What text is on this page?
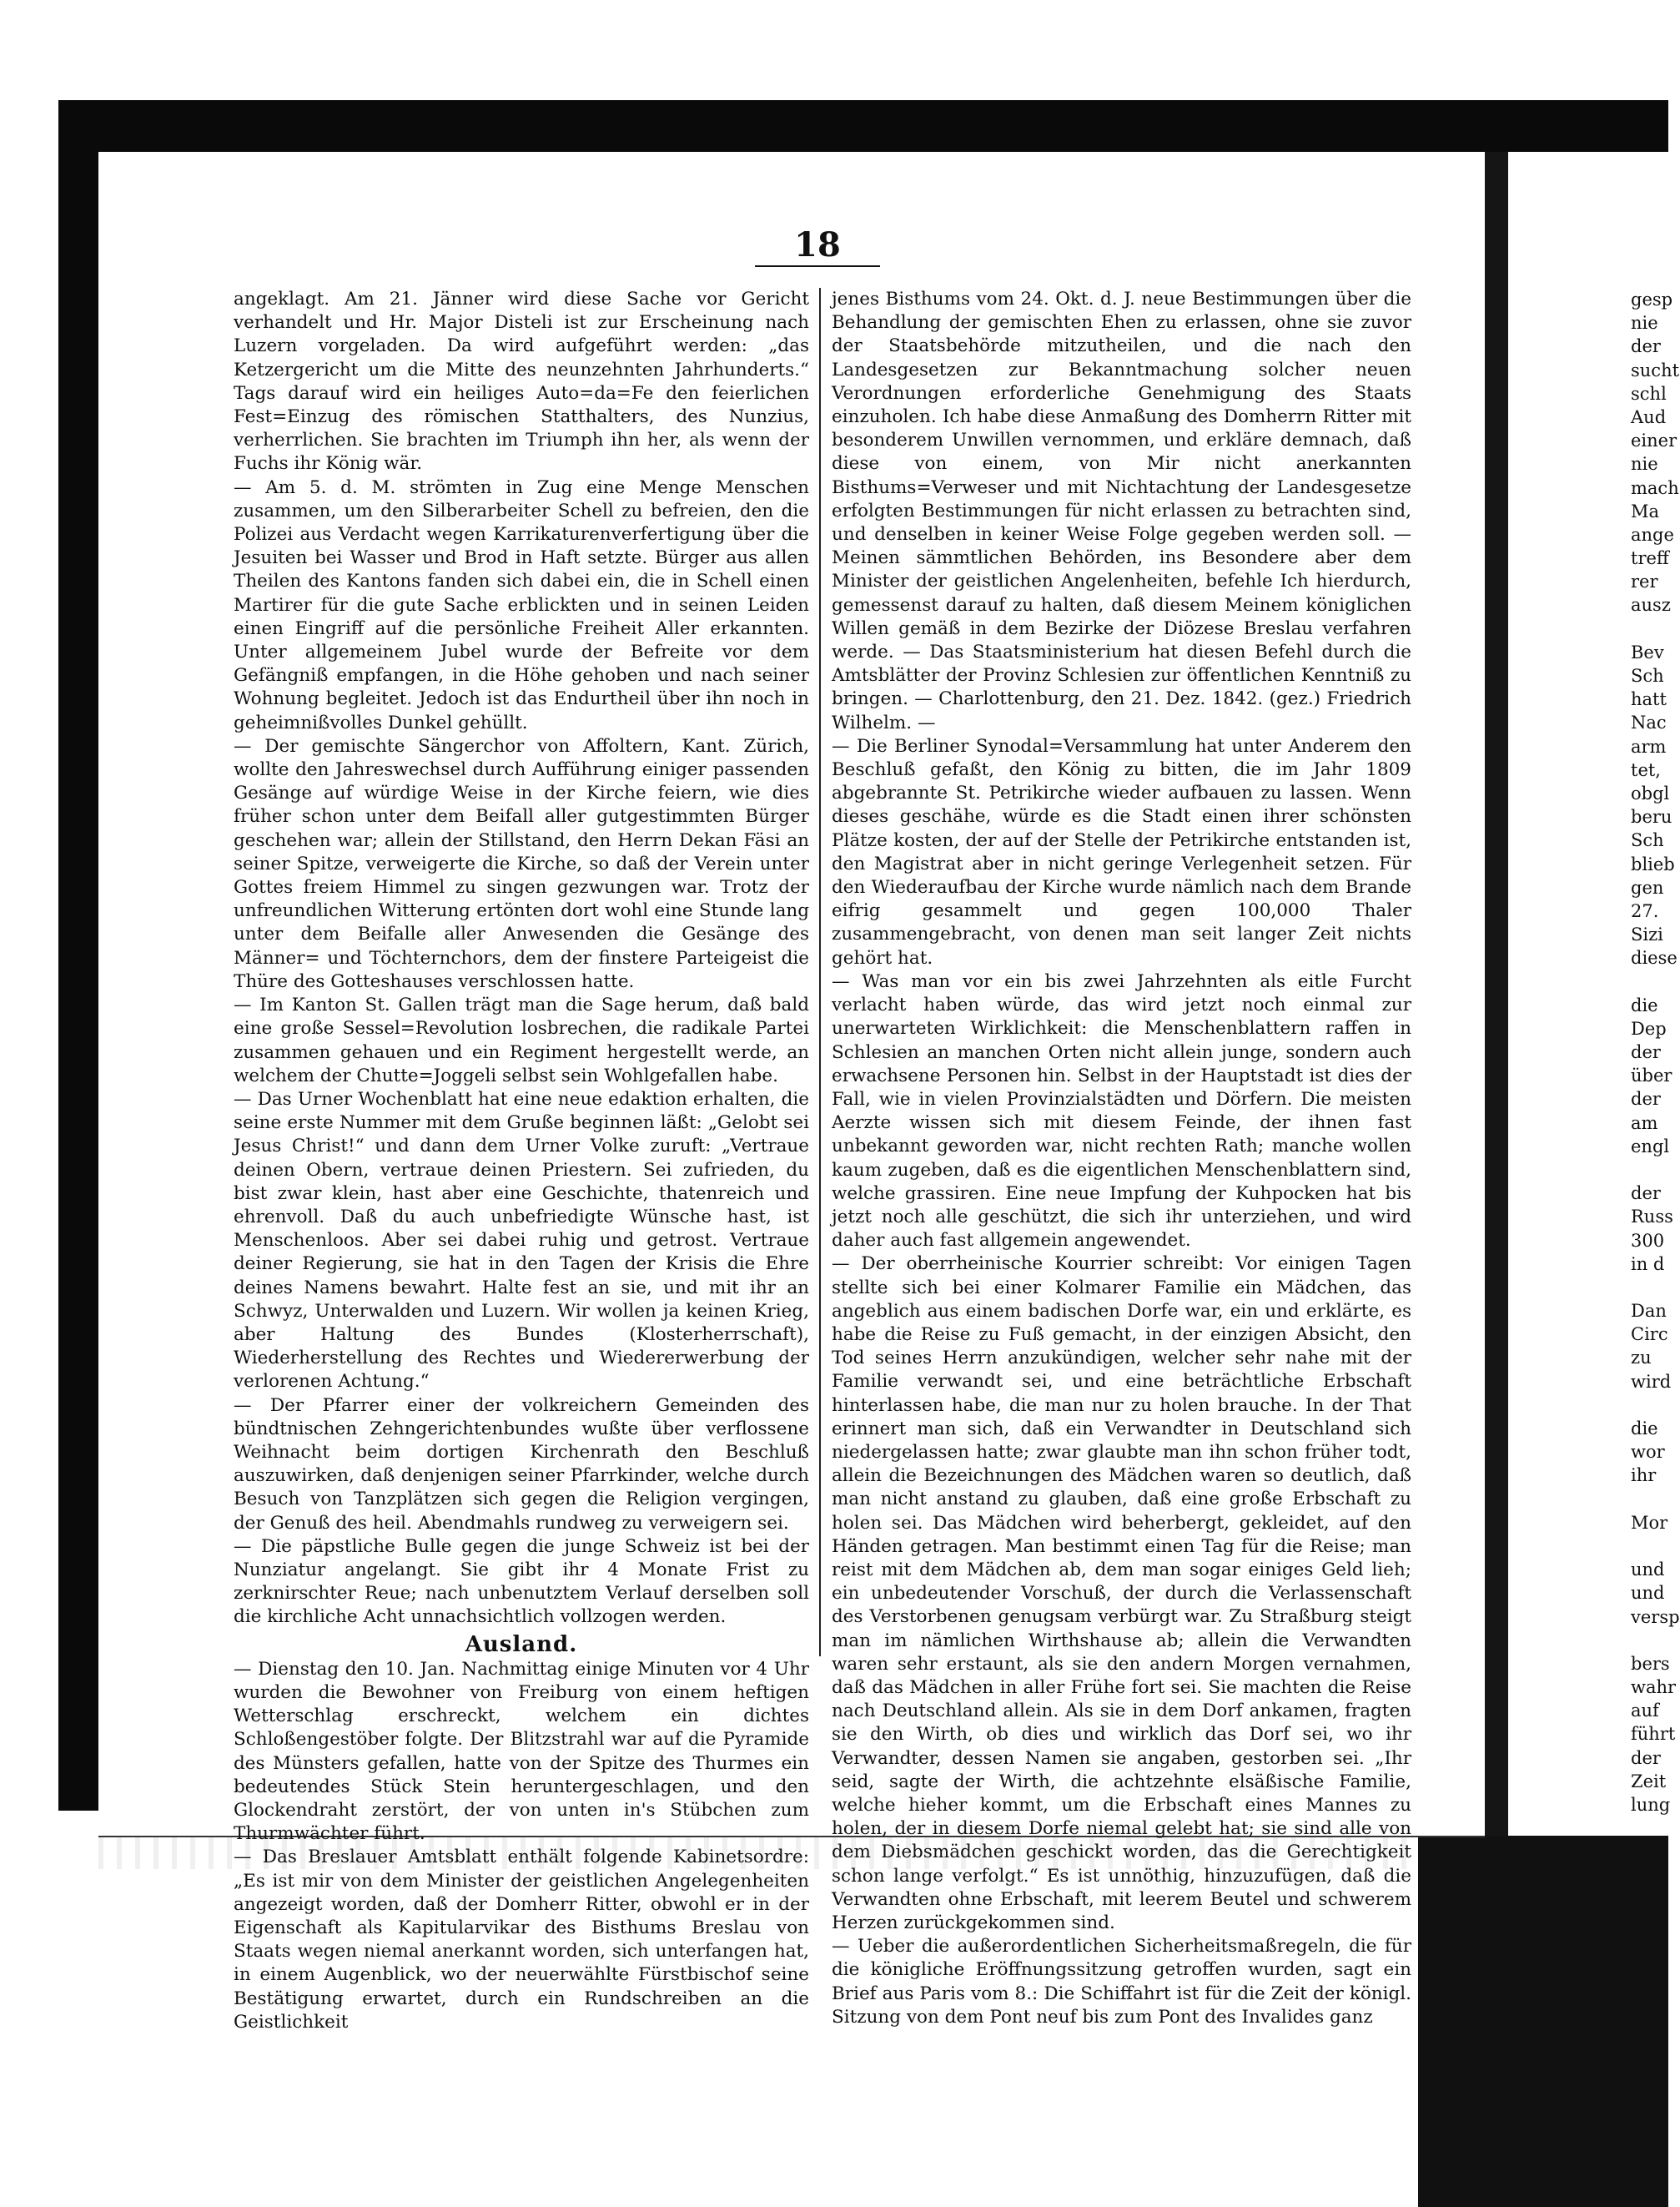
18

angeklagt. Am 21. Jänner wird diese Sache vor Gericht verhandelt und Hr. Major Disteli ist zur Erscheinung nach Luzern vorgeladen. Da wird aufgeführt werden: „das Ketzergericht um die Mitte des neunzehnten Jahrhunderts.“ Tags darauf wird ein heiliges Auto=da=Fe den feierlichen Fest=Einzug des römischen Statthalters, des Nunzius, verherrlichen. Sie brachten im Triumph ihn her, als wenn der Fuchs ihr König wär.

— Am 5. d. M. strömten in Zug eine Menge Menschen zusammen, um den Silberarbeiter Schell zu befreien, den die Polizei aus Verdacht wegen Karrikaturenverfertigung über die Jesuiten bei Wasser und Brod in Haft setzte. Bürger aus allen Theilen des Kantons fanden sich dabei ein, die in Schell einen Martirer für die gute Sache erblickten und in seinen Leiden einen Eingriff auf die persönliche Freiheit Aller erkannten. Unter allgemeinem Jubel wurde der Befreite vor dem Gefängniß empfangen, in die Höhe gehoben und nach seiner Wohnung begleitet. Jedoch ist das Endurtheil über ihn noch in geheimnißvolles Dunkel gehüllt.

— Der gemischte Sängerchor von Affoltern, Kant. Zürich, wollte den Jahreswechsel durch Aufführung einiger passenden Gesänge auf würdige Weise in der Kirche feiern, wie dies früher schon unter dem Beifall aller gutgestimmten Bürger geschehen war; allein der Stillstand, den Herrn Dekan Fäsi an seiner Spitze, verweigerte die Kirche, so daß der Verein unter Gottes freiem Himmel zu singen gezwungen war. Trotz der unfreundlichen Witterung ertönten dort wohl eine Stunde lang unter dem Beifalle aller Anwesenden die Gesänge des Männer= und Töchternchors, dem der finstere Parteigeist die Thüre des Gotteshauses verschlossen hatte.

— Im Kanton St. Gallen trägt man die Sage herum, daß bald eine große Sessel=Revolution losbrechen, die radikale Partei zusammen gehauen und ein Regiment hergestellt werde, an welchem der Chutte=Joggeli selbst sein Wohlgefallen habe.

— Das Urner Wochenblatt hat eine neue edaktion erhalten, die seine erste Nummer mit dem Gruße beginnen läßt: „Gelobt sei Jesus Christ!“ und dann dem Urner Volke zuruft: „Vertraue deinen Obern, vertraue deinen Priestern. Sei zufrieden, du bist zwar klein, hast aber eine Geschichte, thatenreich und ehrenvoll. Daß du auch unbefriedigte Wünsche hast, ist Menschenloos. Aber sei dabei ruhig und getrost. Vertraue deiner Regierung, sie hat in den Tagen der Krisis die Ehre deines Namens bewahrt. Halte fest an sie, und mit ihr an Schwyz, Unterwalden und Luzern. Wir wollen ja keinen Krieg, aber Haltung des Bundes (Klosterherrschaft), Wiederherstellung des Rechtes und Wiedererwerbung der verlorenen Achtung.“

— Der Pfarrer einer der volkreichern Gemeinden des bündtnischen Zehngerichtenbundes wußte über verflossene Weihnacht beim dortigen Kirchenrath den Beschluß auszuwirken, daß denjenigen seiner Pfarrkinder, welche durch Besuch von Tanzplätzen sich gegen die Religion vergingen, der Genuß des heil. Abendmahls rundweg zu verweigern sei.

— Die päpstliche Bulle gegen die junge Schweiz ist bei der Nunziatur angelangt. Sie gibt ihr 4 Monate Frist zu zerknirschter Reue; nach unbenutztem Verlauf derselben soll die kirchliche Acht unnachsichtlich vollzogen werden.

Ausland.

— Dienstag den 10. Jan. Nachmittag einige Minuten vor 4 Uhr wurden die Bewohner von Freiburg von einem heftigen Wetterschlag erschreckt, welchem ein dichtes Schloßengestöber folgte. Der Blitzstrahl war auf die Pyramide des Münsters gefallen, hatte von der Spitze des Thurmes ein bedeutendes Stück Stein heruntergeschlagen, und den Glockendraht zerstört, der von unten in's Stübchen zum Thurmwächter führt.

— Das Breslauer Amtsblatt enthält folgende Kabinetsordre: „Es ist mir von dem Minister der geistlichen Angelegenheiten angezeigt worden, daß der Domherr Ritter, obwohl er in der Eigenschaft als Kapitularvikar des Bisthums Breslau von Staats wegen niemal anerkannt worden, sich unterfangen hat, in einem Augenblick, wo der neuerwählte Fürstbischof seine Bestätigung erwartet, durch ein Rundschreiben an die Geistlichkeit

jenes Bisthums vom 24. Okt. d. J. neue Bestimmungen über die Behandlung der gemischten Ehen zu erlassen, ohne sie zuvor der Staatsbehörde mitzutheilen, und die nach den Landesgesetzen zur Bekanntmachung solcher neuen Verordnungen erforderliche Genehmigung des Staats einzuholen. Ich habe diese Anmaßung des Domherrn Ritter mit besonderem Unwillen vernommen, und erkläre demnach, daß diese von einem, von Mir nicht anerkannten Bisthums=Verweser und mit Nichtachtung der Landesgesetze erfolgten Bestimmungen für nicht erlassen zu betrachten sind, und denselben in keiner Weise Folge gegeben werden soll. — Meinen sämmtlichen Behörden, ins Besondere aber dem Minister der geistlichen Angelenheiten, befehle Ich hierdurch, gemessenst darauf zu halten, daß diesem Meinem königlichen Willen gemäß in dem Bezirke der Diözese Breslau verfahren werde. — Das Staatsministerium hat diesen Befehl durch die Amtsblätter der Provinz Schlesien zur öffentlichen Kenntniß zu bringen. — Charlottenburg, den 21. Dez. 1842. (gez.) Friedrich Wilhelm. —

— Die Berliner Synodal=Versammlung hat unter Anderem den Beschluß gefaßt, den König zu bitten, die im Jahr 1809 abgebrannte St. Petrikirche wieder aufbauen zu lassen. Wenn dieses geschähe, würde es die Stadt einen ihrer schönsten Plätze kosten, der auf der Stelle der Petrikirche entstanden ist, den Magistrat aber in nicht geringe Verlegenheit setzen. Für den Wiederaufbau der Kirche wurde nämlich nach dem Brande eifrig gesammelt und gegen 100,000 Thaler zusammengebracht, von denen man seit langer Zeit nichts gehört hat.

— Was man vor ein bis zwei Jahrzehnten als eitle Furcht verlacht haben würde, das wird jetzt noch einmal zur unerwarteten Wirklichkeit: die Menschenblattern raffen in Schlesien an manchen Orten nicht allein junge, sondern auch erwachsene Personen hin. Selbst in der Hauptstadt ist dies der Fall, wie in vielen Provinzialstädten und Dörfern. Die meisten Aerzte wissen sich mit diesem Feinde, der ihnen fast unbekannt geworden war, nicht rechten Rath; manche wollen kaum zugeben, daß es die eigentlichen Menschenblattern sind, welche grassiren. Eine neue Impfung der Kuhpocken hat bis jetzt noch alle geschützt, die sich ihr unterziehen, und wird daher auch fast allgemein angewendet.

— Der oberrheinische Kourrier schreibt: Vor einigen Tagen stellte sich bei einer Kolmarer Familie ein Mädchen, das angeblich aus einem badischen Dorfe war, ein und erklärte, es habe die Reise zu Fuß gemacht, in der einzigen Absicht, den Tod seines Herrn anzukündigen, welcher sehr nahe mit der Familie verwandt sei, und eine beträchtliche Erbschaft hinterlassen habe, die man nur zu holen brauche. In der That erinnert man sich, daß ein Verwandter in Deutschland sich niedergelassen hatte; zwar glaubte man ihn schon früher todt, allein die Bezeichnungen des Mädchen waren so deutlich, daß man nicht anstand zu glauben, daß eine große Erbschaft zu holen sei. Das Mädchen wird beherbergt, gekleidet, auf den Händen getragen. Man bestimmt einen Tag für die Reise; man reist mit dem Mädchen ab, dem man sogar einiges Geld lieh; ein unbedeutender Vorschuß, der durch die Verlassenschaft des Verstorbenen genugsam verbürgt war. Zu Straßburg steigt man im nämlichen Wirthshause ab; allein die Verwandten waren sehr erstaunt, als sie den andern Morgen vernahmen, daß das Mädchen in aller Frühe fort sei. Sie machten die Reise nach Deutschland allein. Als sie in dem Dorf ankamen, fragten sie den Wirth, ob dies und wirklich das Dorf sei, wo ihr Verwandter, dessen Namen sie angaben, gestorben sei. „Ihr seid, sagte der Wirth, die achtzehnte elsäßische Familie, welche hieher kommt, um die Erbschaft eines Mannes zu holen, der in diesem Dorfe niemal gelebt hat; sie sind alle von dem Diebsmädchen geschickt worden, das die Gerechtigkeit schon lange verfolgt.“ Es ist unnöthig, hinzuzufügen, daß die Verwandten ohne Erbschaft, mit leerem Beutel und schwerem Herzen zurückgekommen sind.

— Ueber die außerordentlichen Sicherheitsmaßregeln, die für die königliche Eröffnungssitzung getroffen wurden, sagt ein Brief aus Paris vom 8.: Die Schiffahrt ist für die Zeit der königl. Sitzung von dem Pont neuf bis zum Pont des Invalides ganz

gesp
nie
der
sucht
schl
Aud
einer
nie
mach
Ma
ange
treff
rer
ausz
Bev
Sch
hatt
Nac
arm
tet,
obgl
beru
Sch
blieb
gen
27.
Sizi
diese
die
Dep
der
über
der
am
engl
der
Russ
300
in d
Dan
Circ
zu
wird
die
wor
ihr
Mor
und
und
versp
bers
wahr
auf
führt
der
Zeit
lung
